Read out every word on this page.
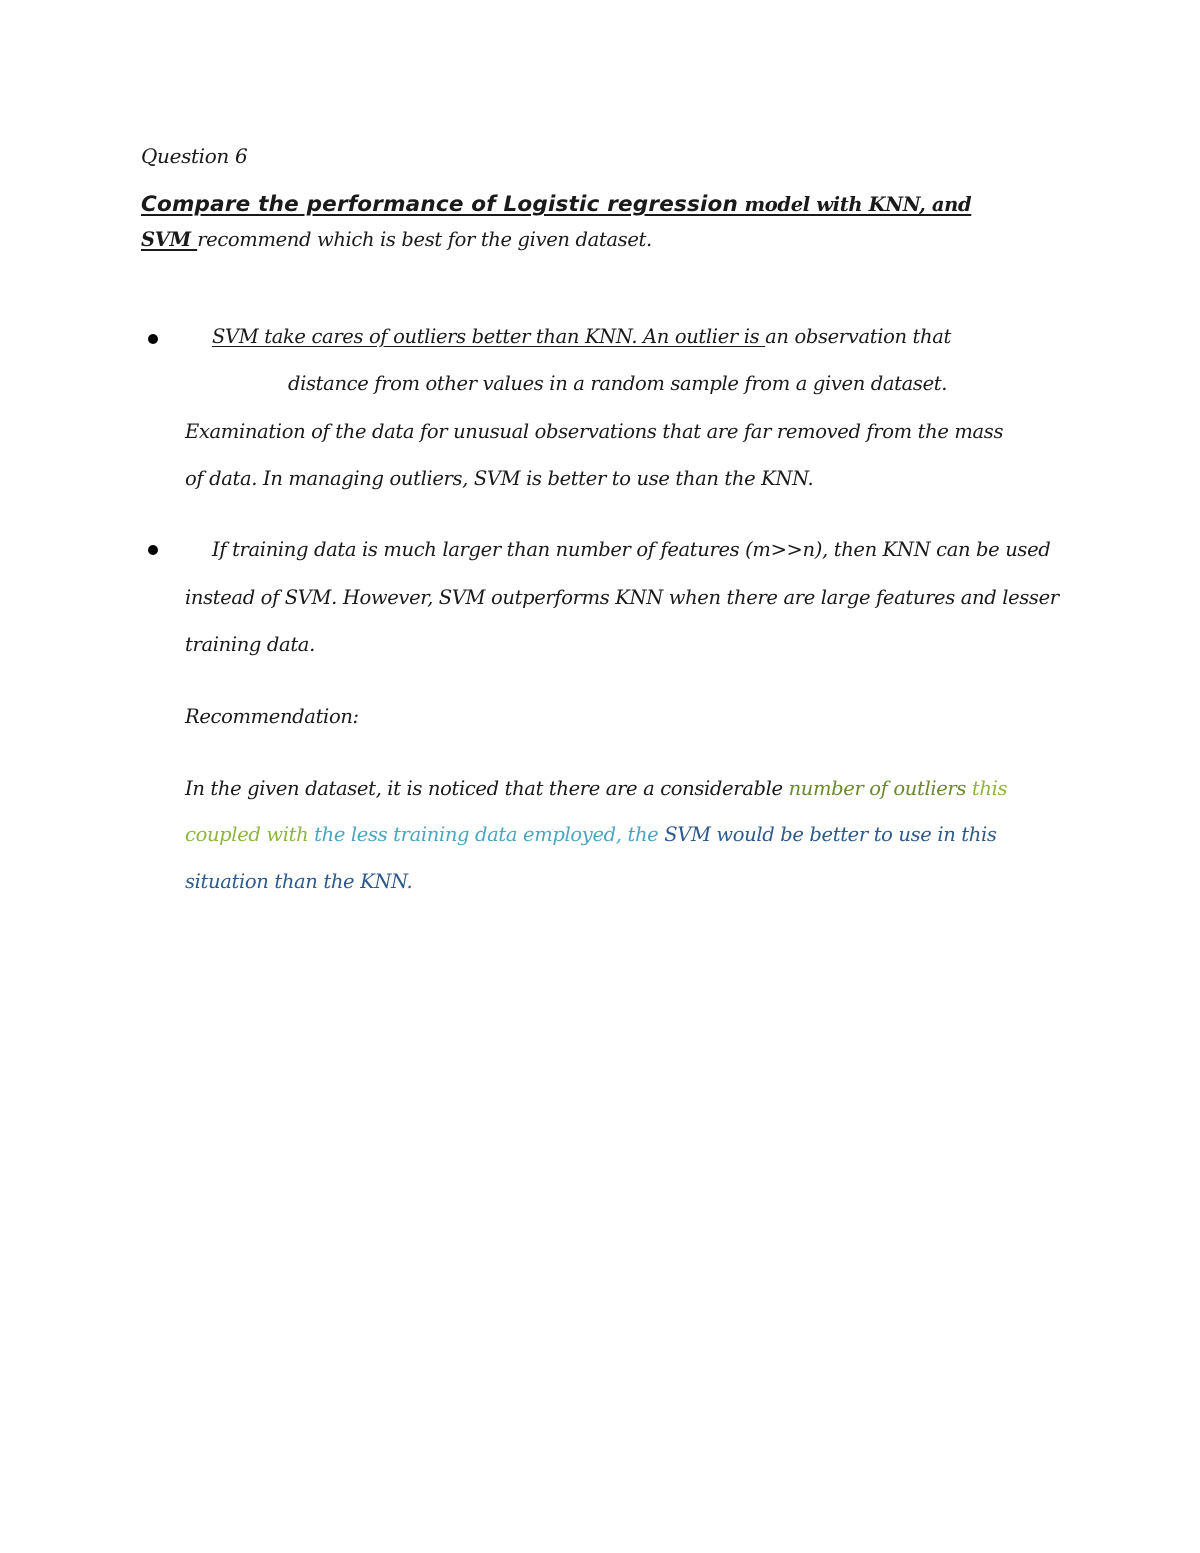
Question 6
Compare the performance of Logistic regression model with KNN, and
SVM recommend which is best for the given dataset.
SVM take cares of outliers better than KNN. An outlier is an observation that
distance from other values in a random sample from a given dataset.
Examination of the data for unusual observations that are far removed from the mass
of data. In managing outliers, SVM is better to use than the KNN.
If training data is much larger than number of features (m>>n), then KNN can be used
instead of SVM. However, SVM outperforms KNN when there are large features and lesser
training data.
Recommendation:
In the given dataset, it is noticed that there are a considerable number of outliers this
coupled with the less training data employed, the SVM would be better to use in this
situation than the KNN.
